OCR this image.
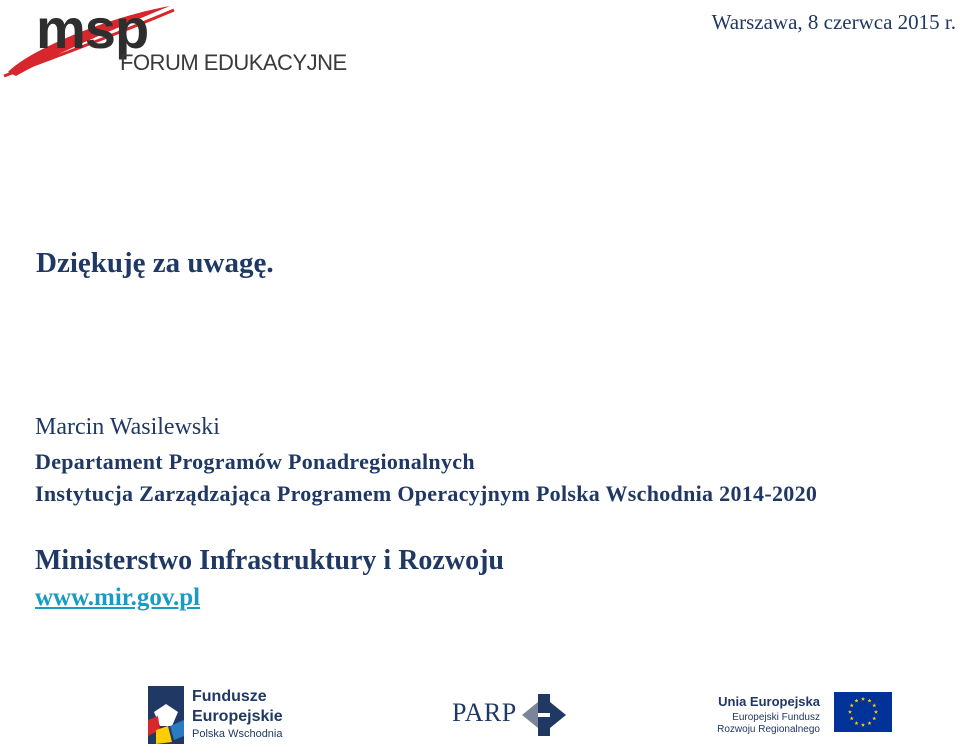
msp
FORUM EDUKACYJNE
Warszawa, 8 czerwca 2015 r.
Dziękuję za uwagę.
Marcin Wasilewski
Departament Programów Ponadregionalnych
Instytucja Zarządzająca Programem Operacyjnym Polska Wschodnia 2014-2020
Ministerstwo Infrastruktury i Rozwoju
www.mir.gov.pl
Fundusze
Europejskie
Polska Wschodnia
PARP	Unia Europejska
Europejski Fundusz
Rozwoju Regionalnego
